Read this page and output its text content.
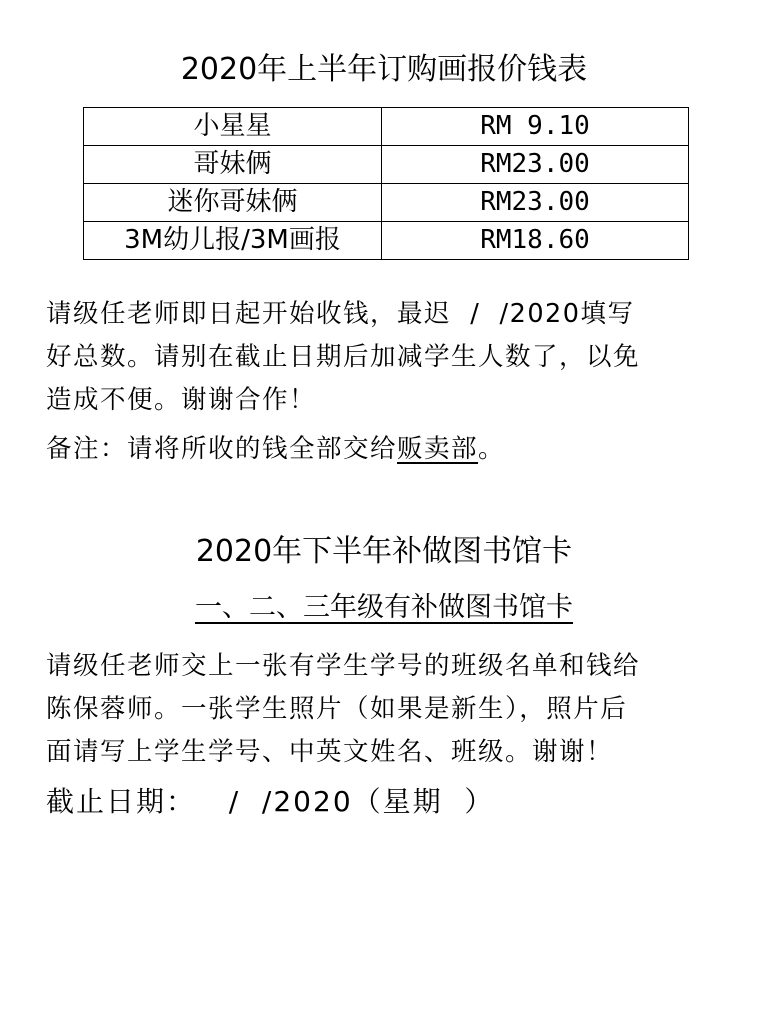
2020年上半年订购画报价钱表
小星星	RM 9.10
哥妹俩	RM23.00
迷你哥妹俩	RM23.00
3M幼儿报/3M画报	RM18.60
请级任老师即日起开始收钱，最迟  /  /2020填写
好总数。请别在截止日期后加减学生人数了，以免
造成不便。谢谢合作！
备注：请将所收的钱全部交给贩卖部。
2020年下半年补做图书馆卡
一、二、三年级有补做图书馆卡
请级任老师交上一张有学生学号的班级名单和钱给
陈保蓉师。一张学生照片（如果是新生），照片后
面请写上学生学号、中英文姓名、班级。谢谢！
截止日期：   /  /2020（星期  ）
